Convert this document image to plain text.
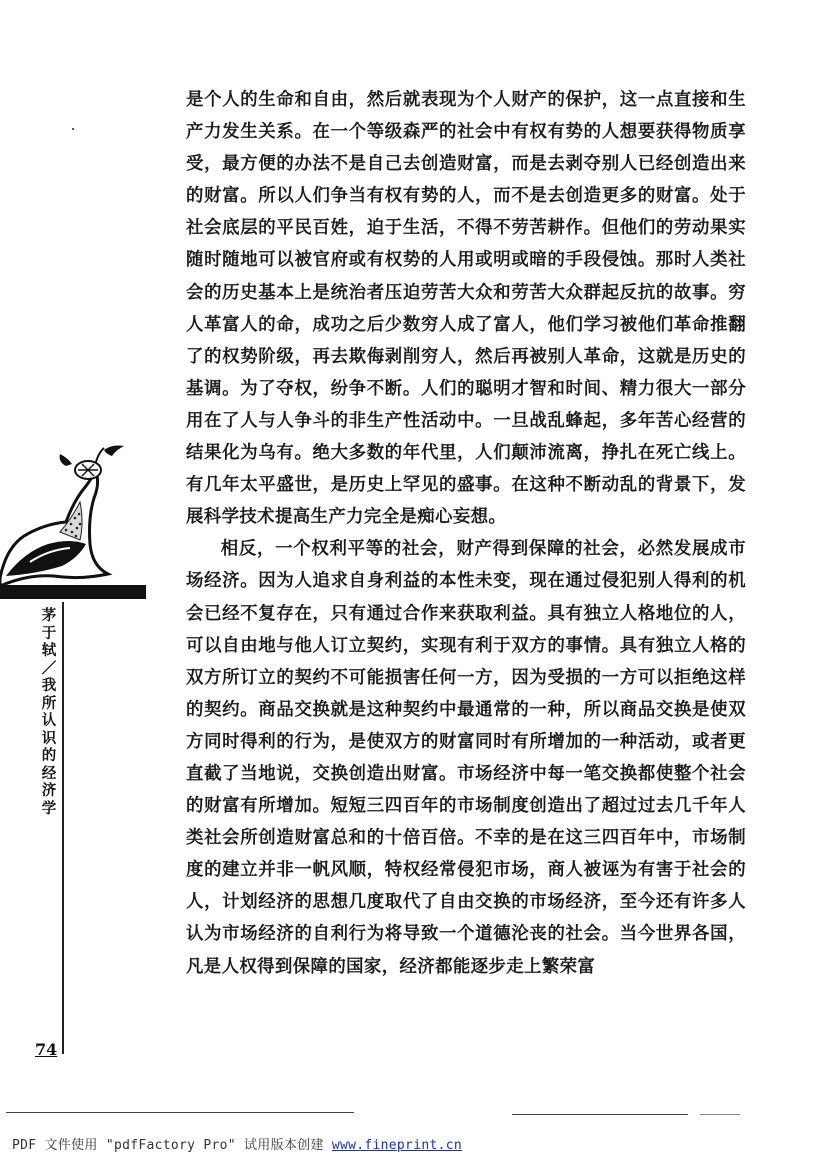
是个人的生命和自由，然后就表现为个人财产的保护，这一点直接和生产力发生关系。在一个等级森严的社会中有权有势的人想要获得物质享受，最方便的办法不是自己去创造财富，而是去剥夺别人已经创造出来的财富。所以人们争当有权有势的人，而不是去创造更多的财富。处于社会底层的平民百姓，迫于生活，不得不劳苦耕作。但他们的劳动果实随时随地可以被官府或有权势的人用或明或暗的手段侵蚀。那时人类社会的历史基本上是统治者压迫劳苦大众和劳苦大众群起反抗的故事。穷人革富人的命，成功之后少数穷人成了富人，他们学习被他们革命推翻了的权势阶级，再去欺侮剥削穷人，然后再被别人革命，这就是历史的基调。为了夺权，纷争不断。人们的聪明才智和时间、精力很大一部分用在了人与人争斗的非生产性活动中。一旦战乱蜂起，多年苦心经营的结果化为乌有。绝大多数的年代里，人们颠沛流离，挣扎在死亡线上。有几年太平盛世，是历史上罕见的盛事。在这种不断动乱的背景下，发展科学技术提高生产力完全是痴心妄想。

相反，一个权利平等的社会，财产得到保障的社会，必然发展成市场经济。因为人追求自身利益的本性未变，现在通过侵犯别人得利的机会已经不复存在，只有通过合作来获取利益。具有独立人格地位的人，可以自由地与他人订立契约，实现有利于双方的事情。具有独立人格的双方所订立的契约不可能损害任何一方，因为受损的一方可以拒绝这样的契约。商品交换就是这种契约中最通常的一种，所以商品交换是使双方同时得利的行为，是使双方的财富同时有所增加的一种活动，或者更直截了当地说，交换创造出财富。市场经济中每一笔交换都使整个社会的财富有所增加。短短三四百年的市场制度创造出了超过过去几千年人类社会所创造财富总和的十倍百倍。不幸的是在这三四百年中，市场制度的建立并非一帆风顺，特权经常侵犯市场，商人被诬为有害于社会的人，计划经济的思想几度取代了自由交换的市场经济，至今还有许多人认为市场经济的自利行为将导致一个道德沦丧的社会。当今世界各国，凡是人权得到保障的国家，经济都能逐步走上繁荣富

茅于轼／我所认识的经济学
74
PDF 文件使用 "pdfFactory Pro" 试用版本创建 www.fineprint.cn
